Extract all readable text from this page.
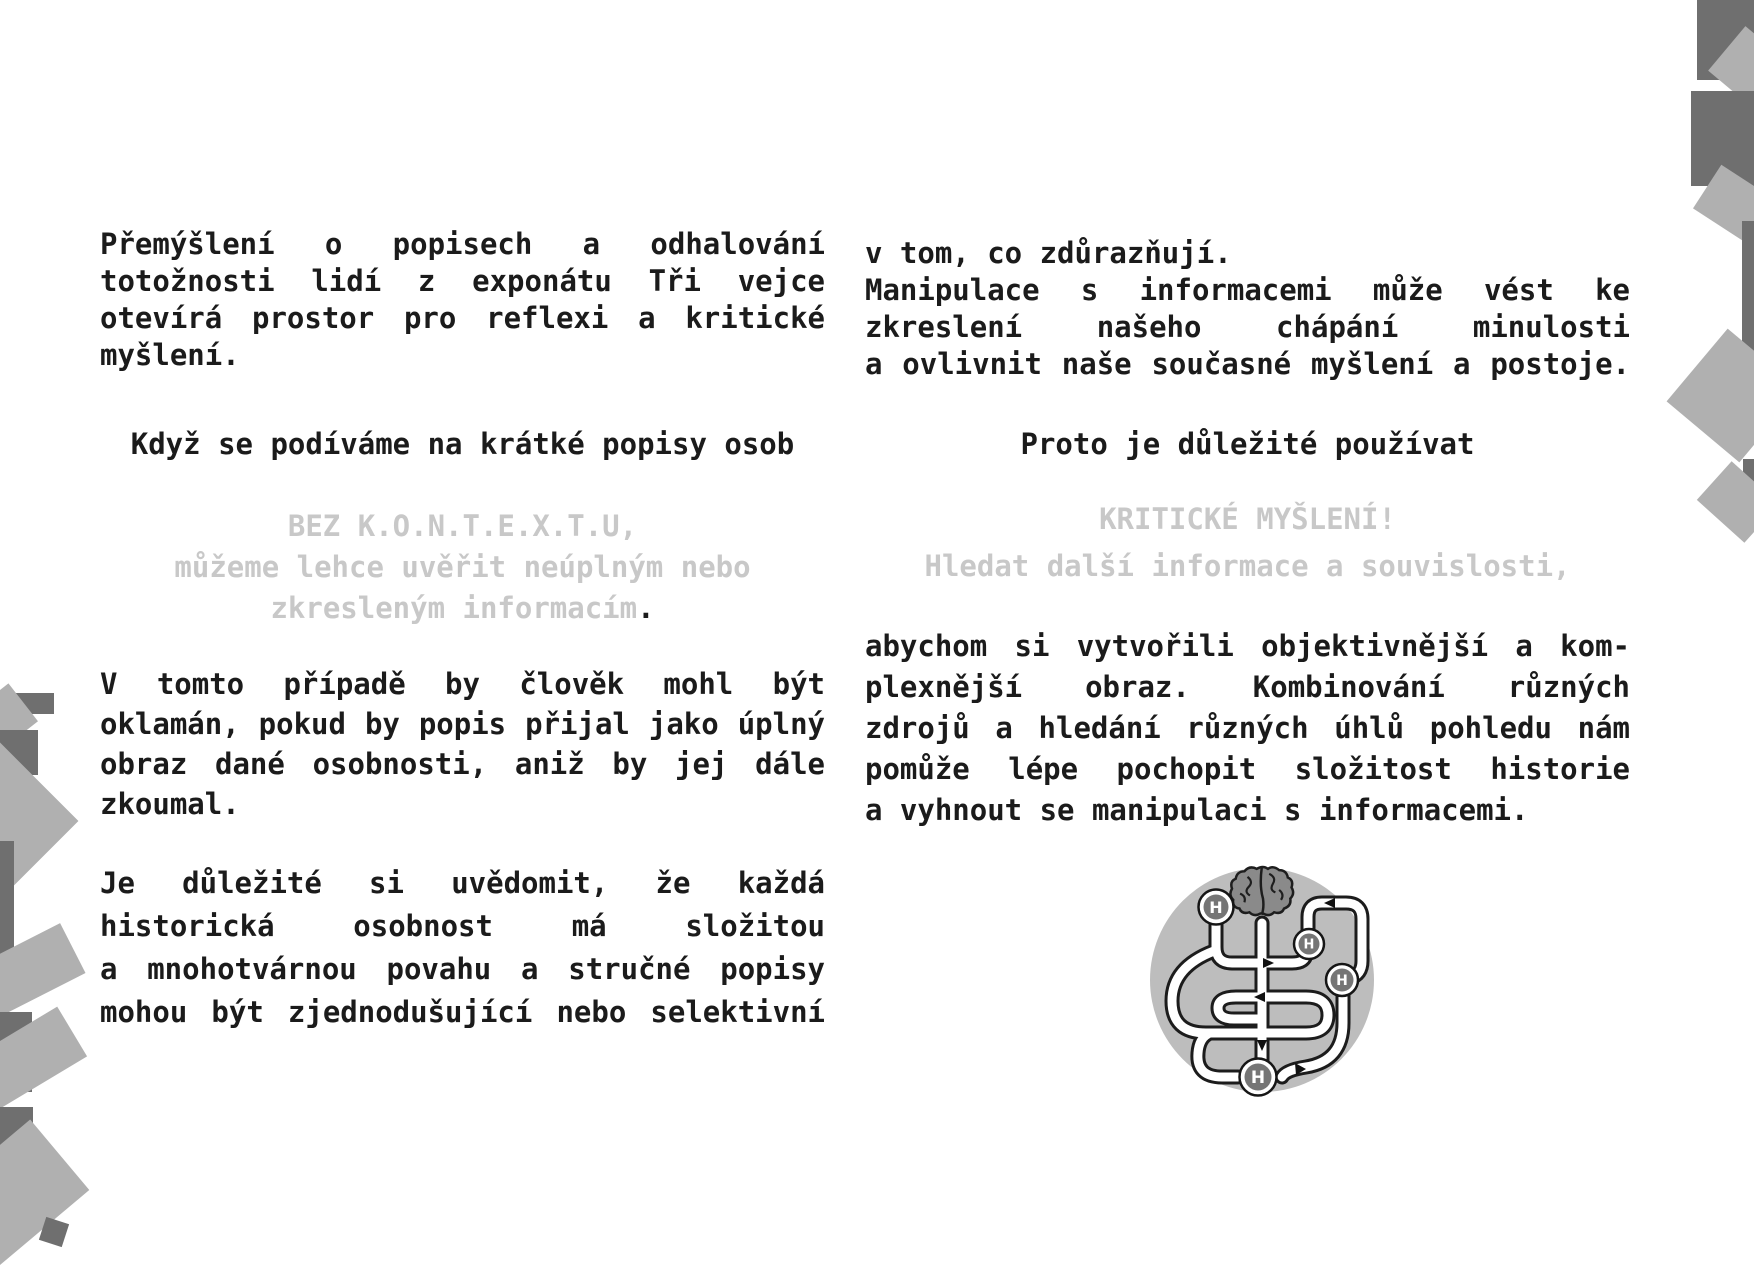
Přemýšlení o popisech a odhalování
totožnosti lidí z exponátu Tři vejce
otevírá prostor pro reflexi a kritické
myšlení.
Když se podíváme na krátké popisy osob
BEZ K.O.N.T.E.X.T.U,
můžeme lehce uvěřit neúplným nebo
zkresleným informacím.
V tomto případě by člověk mohl být
oklamán, pokud by popis přijal jako úplný
obraz dané osobnosti, aniž by jej dále
zkoumal.
Je důležité si uvědomit, že každá
historická osobnost má složitou
a mnohotvárnou povahu a stručné popisy
mohou být zjednodušující nebo selektivní
v tom, co zdůrazňují.
Manipulace s informacemi může vést ke
zkreslení našeho chápání minulosti
a ovlivnit naše současné myšlení a postoje.
Proto je důležité používat
KRITICKÉ MYŠLENÍ!
Hledat další informace a souvislosti,
abychom si vytvořili objektivnější a kom-
plexnější obraz. Kombinování různých
zdrojů a hledání různých úhlů pohledu nám
pomůže lépe pochopit složitost historie
a vyhnout se manipulaci s informacemi.
H
H
H
H
